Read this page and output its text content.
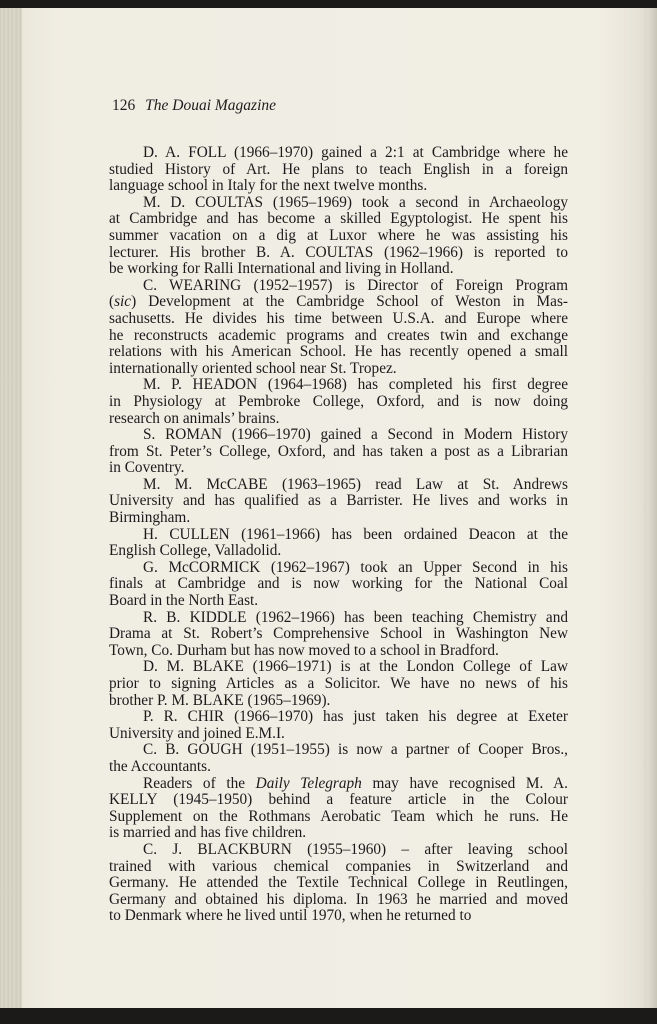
126 The Douai Magazine
D. A. FOLL (1966–1970) gained a 2:1 at Cambridge where he
studied History of Art. He plans to teach English in a foreign
language school in Italy for the next twelve months.
M. D. COULTAS (1965–1969) took a second in Archaeology
at Cambridge and has become a skilled Egyptologist. He spent his
summer vacation on a dig at Luxor where he was assisting his
lecturer. His brother B. A. COULTAS (1962–1966) is reported to
be working for Ralli International and living in Holland.
C. WEARING (1952–1957) is Director of Foreign Program
(sic) Development at the Cambridge School of Weston in Mas-
sachusetts. He divides his time between U.S.A. and Europe where
he reconstructs academic programs and creates twin and exchange
relations with his American School. He has recently opened a small
internationally oriented school near St. Tropez.
M. P. HEADON (1964–1968) has completed his first degree
in Physiology at Pembroke College, Oxford, and is now doing
research on animals’ brains.
S. ROMAN (1966–1970) gained a Second in Modern History
from St. Peter’s College, Oxford, and has taken a post as a Librarian
in Coventry.
M. M. McCABE (1963–1965) read Law at St. Andrews
University and has qualified as a Barrister. He lives and works in
Birmingham.
H. CULLEN (1961–1966) has been ordained Deacon at the
English College, Valladolid.
G. McCORMICK (1962–1967) took an Upper Second in his
finals at Cambridge and is now working for the National Coal
Board in the North East.
R. B. KIDDLE (1962–1966) has been teaching Chemistry and
Drama at St. Robert’s Comprehensive School in Washington New
Town, Co. Durham but has now moved to a school in Bradford.
D. M. BLAKE (1966–1971) is at the London College of Law
prior to signing Articles as a Solicitor. We have no news of his
brother P. M. BLAKE (1965–1969).
P. R. CHIR (1966–1970) has just taken his degree at Exeter
University and joined E.M.I.
C. B. GOUGH (1951–1955) is now a partner of Cooper Bros.,
the Accountants.
Readers of the Daily Telegraph may have recognised M. A.
KELLY (1945–1950) behind a feature article in the Colour
Supplement on the Rothmans Aerobatic Team which he runs. He
is married and has five children.
C. J. BLACKBURN (1955–1960) – after leaving school
trained with various chemical companies in Switzerland and
Germany. He attended the Textile Technical College in Reutlingen,
Germany and obtained his diploma. In 1963 he married and moved
to Denmark where he lived until 1970, when he returned to
